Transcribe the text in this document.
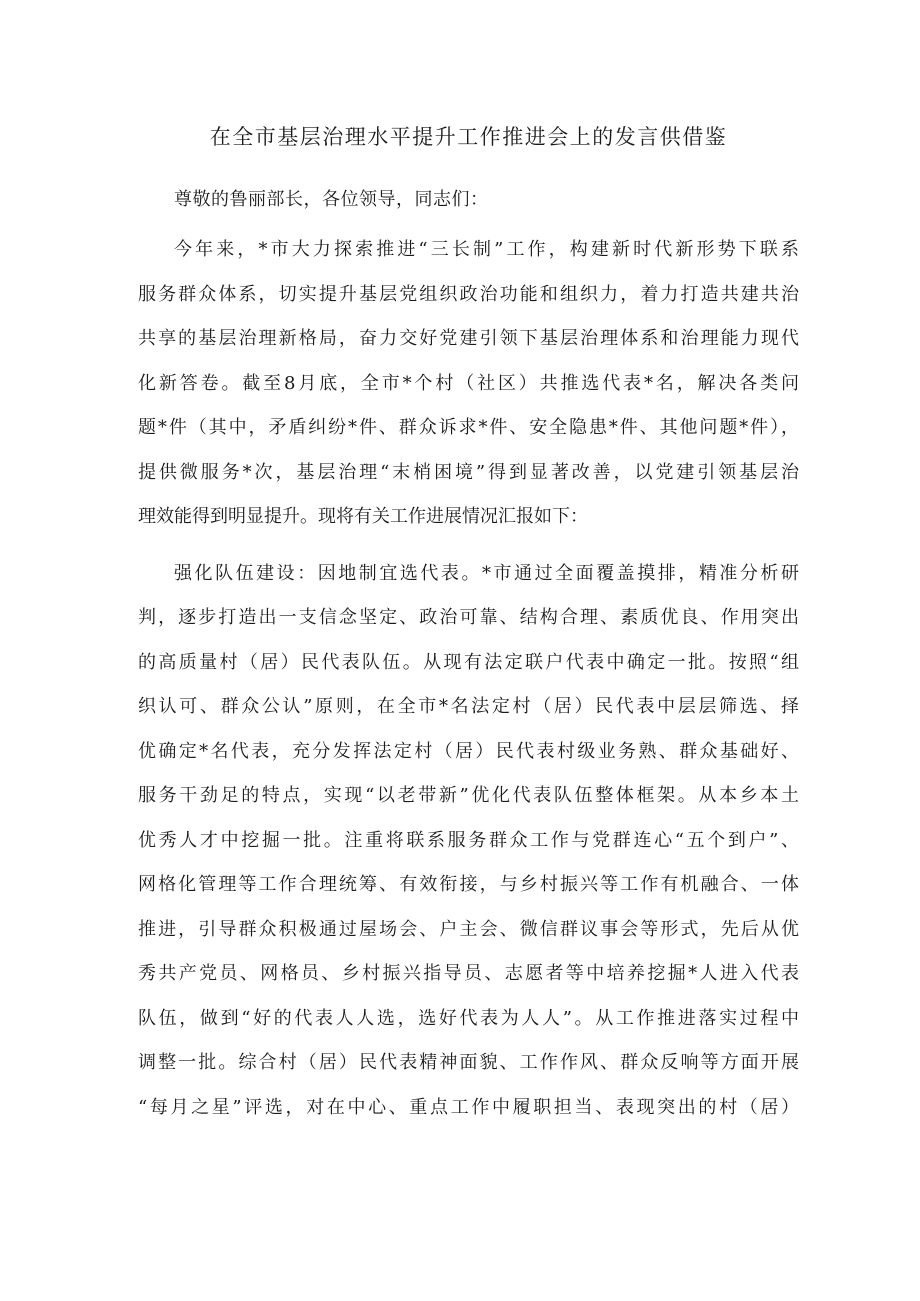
在全市基层治理水平提升工作推进会上的发言供借鉴

尊敬的鲁丽部长，各位领导，同志们：

今年来，*市大力探索推进“三长制”工作，构建新时代新形势下联系
服务群众体系，切实提升基层党组织政治功能和组织力，着力打造共建共治
共享的基层治理新格局，奋力交好党建引领下基层治理体系和治理能力现代
化新答卷。截至8月底，全市*个村（社区）共推选代表*名，解决各类问
题*件（其中，矛盾纠纷*件、群众诉求*件、安全隐患*件、其他问题*件），
提供微服务*次，基层治理“末梢困境”得到显著改善，以党建引领基层治
理效能得到明显提升。现将有关工作进展情况汇报如下：
强化队伍建设：因地制宜选代表。*市通过全面覆盖摸排，精准分析研
判，逐步打造出一支信念坚定、政治可靠、结构合理、素质优良、作用突出
的高质量村（居）民代表队伍。从现有法定联户代表中确定一批。按照“组
织认可、群众公认”原则，在全市*名法定村（居）民代表中层层筛选、择
优确定*名代表，充分发挥法定村（居）民代表村级业务熟、群众基础好、
服务干劲足的特点，实现“以老带新”优化代表队伍整体框架。从本乡本土
优秀人才中挖掘一批。注重将联系服务群众工作与党群连心“五个到户”、
网格化管理等工作合理统筹、有效衔接，与乡村振兴等工作有机融合、一体
推进，引导群众积极通过屋场会、户主会、微信群议事会等形式，先后从优
秀共产党员、网格员、乡村振兴指导员、志愿者等中培养挖掘*人进入代表
队伍，做到“好的代表人人选，选好代表为人人”。从工作推进落实过程中
调整一批。综合村（居）民代表精神面貌、工作作风、群众反响等方面开展
“每月之星”评选，对在中心、重点工作中履职担当、表现突出的村（居）
